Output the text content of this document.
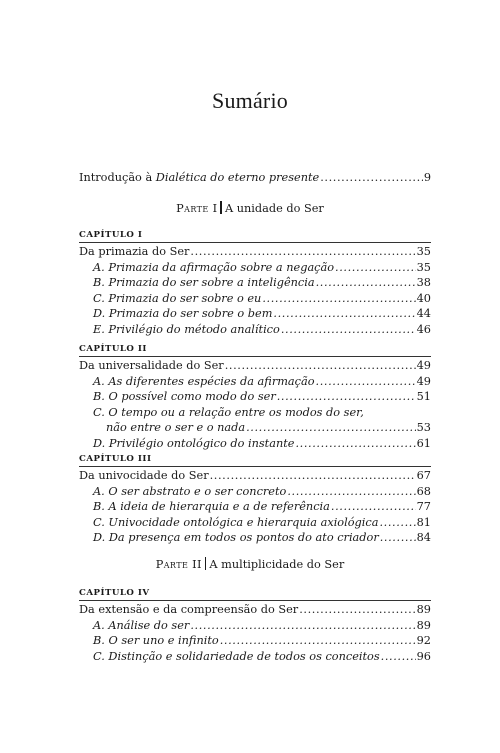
Sumário
Introdução à Dialética do eterno presente .....	9
Parte I A unidade do Ser
CAPÍTULO I
Da primazia do Ser .....	35
A. Primazia da afirmação sobre a negação .....	35
B. Primazia do ser sobre a inteligência .....	38
C. Primazia do ser sobre o eu .....	40
D. Primazia do ser sobre o bem .....	44
E. Privilégio do método analítico .....	46
CAPÍTULO II
Da universalidade do Ser .....	49
A. As diferentes espécies da afirmação .....	49
B. O possível como modo do ser .....	51
C. O tempo ou a relação entre os modos do ser,
não entre o ser e o nada .....	53
D. Privilégio ontológico do instante .....	61
CAPÍTULO III
Da univocidade do Ser .....	67
A. O ser abstrato e o ser concreto .....	68
B. A ideia de hierarquia e a de referência .....	77
C. Univocidade ontológica e hierarquia axiológica .....	81
D. Da presença em todos os pontos do ato criador .....	84
Parte II A multiplicidade do Ser
CAPÍTULO IV
Da extensão e da compreensão do Ser .....	89
A. Análise do ser .....	89
B. O ser uno e infinito .....	92
C. Distinção e solidariedade de todos os conceitos .....	96
